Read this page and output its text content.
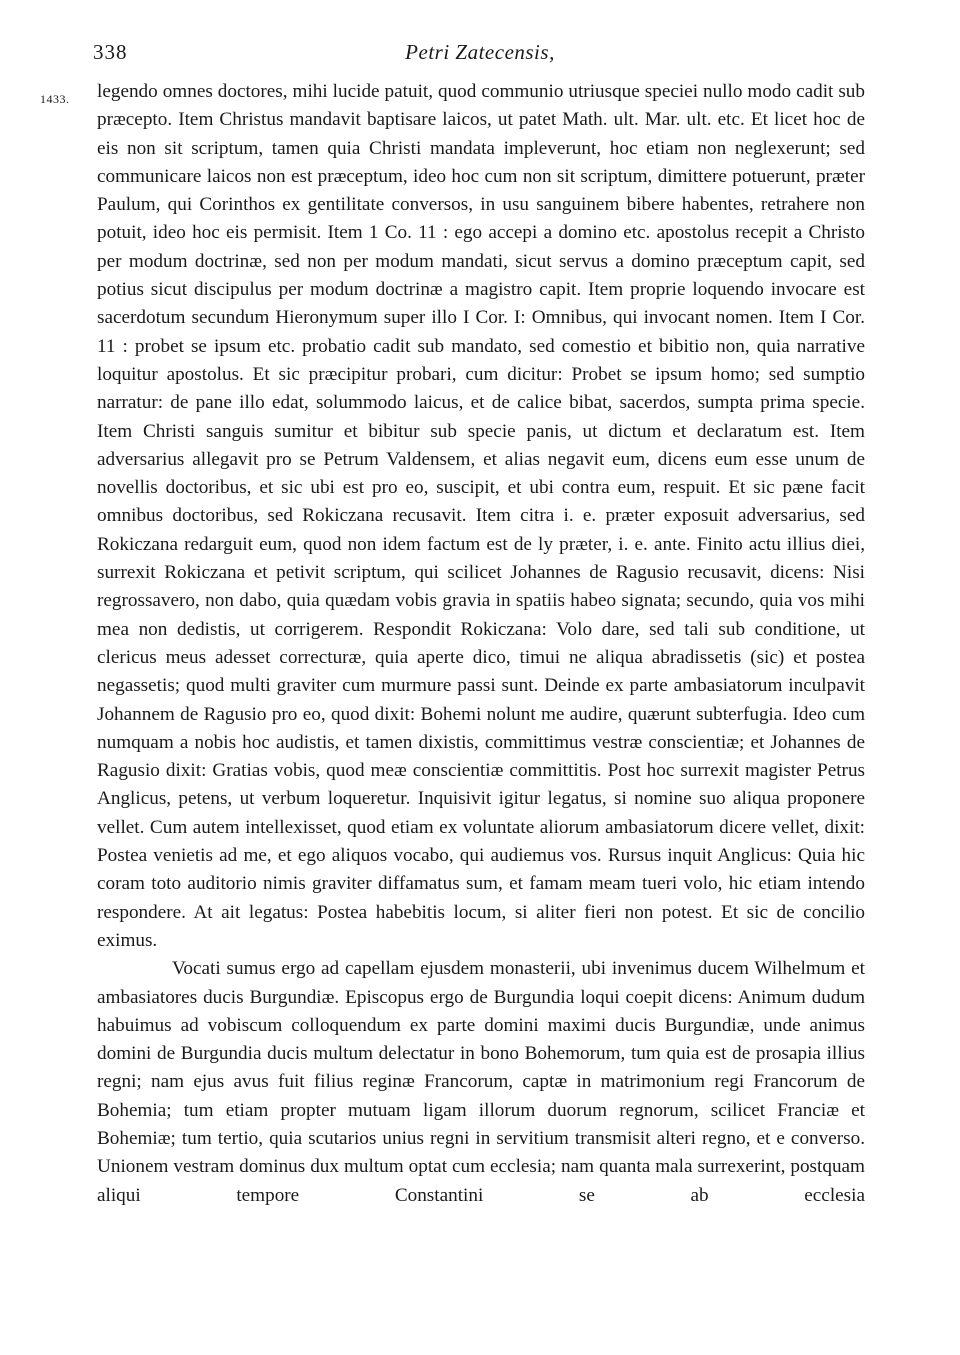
338	Petri Zatecensis,
1433. legendo omnes doctores, mihi lucide patuit, quod communio utriusque speciei nullo modo cadit sub præcepto. Item Christus mandavit baptisare laicos, ut patet Math. ult. Mar. ult. etc. Et licet hoc de eis non sit scriptum, tamen quia Christi mandata impleverunt, hoc etiam non neglexerunt; sed communicare laicos non est præceptum, ideo hoc cum non sit scriptum, dimittere potuerunt, præter Paulum, qui Corinthos ex gentilitate conversos, in usu sanguinem bibere habentes, retrahere non potuit, ideo hoc eis permisit. Item 1 Co. 11 : ego accepi a domino etc. apostolus recepit a Christo per modum doctrinæ, sed non per modum mandati, sicut servus a domino præceptum capit, sed potius sicut discipulus per modum doctrinæ a magistro capit. Item proprie loquendo invocare est sacerdotum secundum Hieronymum super illo I Cor. I: Omnibus, qui invocant nomen. Item I Cor. 11 : probet se ipsum etc. probatio cadit sub mandato, sed comestio et bibitio non, quia narrative loquitur apostolus. Et sic præcipitur probari, cum dicitur: Probet se ipsum homo; sed sumptio narratur: de pane illo edat, solummodo laicus, et de calice bibat, sacerdos, sumpta prima specie. Item Christi sanguis sumitur et bibitur sub specie panis, ut dictum et declaratum est. Item adversarius allegavit pro se Petrum Valdensem, et alias negavit eum, dicens eum esse unum de novellis doctoribus, et sic ubi est pro eo, suscipit, et ubi contra eum, respuit. Et sic pæne facit omnibus doctoribus, sed Rokiczana recusavit. Item citra i. e. præter exposuit adversarius, sed Rokiczana redarguit eum, quod non idem factum est de ly præter, i. e. ante. Finito actu illius diei, surrexit Rokiczana et petivit scriptum, qui scilicet Johannes de Ragusio recusavit, dicens: Nisi regrossavero, non dabo, quia quædam vobis gravia in spatiis habeo signata; secundo, quia vos mihi mea non dedistis, ut corrigerem. Respondit Rokiczana: Volo dare, sed tali sub conditione, ut clericus meus adesset correcturæ, quia aperte dico, timui ne aliqua abradissetis (sic) et postea negassetis; quod multi graviter cum murmure passi sunt. Deinde ex parte ambasiatorum inculpavit Johannem de Ragusio pro eo, quod dixit: Bohemi nolunt me audire, quærunt subterfugia. Ideo cum numquam a nobis hoc audistis, et tamen dixistis, committimus vestræ conscientiæ; et Johannes de Ragusio dixit: Gratias vobis, quod meæ conscientiæ committitis. Post hoc surrexit magister Petrus Anglicus, petens, ut verbum loqueretur. Inquisivit igitur legatus, si nomine suo aliqua proponere vellet. Cum autem intellexisset, quod etiam ex voluntate aliorum ambasiatorum dicere vellet, dixit: Postea venietis ad me, et ego aliquos vocabo, qui audiemus vos. Rursus inquit Anglicus: Quia hic coram toto auditorio nimis graviter diffamatus sum, et famam meam tueri volo, hic etiam intendo respondere. At ait legatus: Postea habebitis locum, si aliter fieri non potest. Et sic de concilio eximus.

Vocati sumus ergo ad capellam ejusdem monasterii, ubi invenimus ducem Wilhelmum et ambasiatores ducis Burgundiæ. Episcopus ergo de Burgundia loqui coepit dicens: Animum dudum habuimus ad vobiscum colloquendum ex parte domini maximi ducis Burgundiæ, unde animus domini de Burgundia ducis multum delectatur in bono Bohemorum, tum quia est de prosapia illius regni; nam ejus avus fuit filius reginæ Francorum, captæ in matrimonium regi Francorum de Bohemia; tum etiam propter mutuam ligam illorum duorum regnorum, scilicet Franciæ et Bohemiæ; tum tertio, quia scutarios unius regni in servitium transmisit alteri regno, et e converso. Unionem vestram dominus dux multum optat cum ecclesia; nam quanta mala surrexerint, postquam aliqui tempore Constantini se ab ecclesia
